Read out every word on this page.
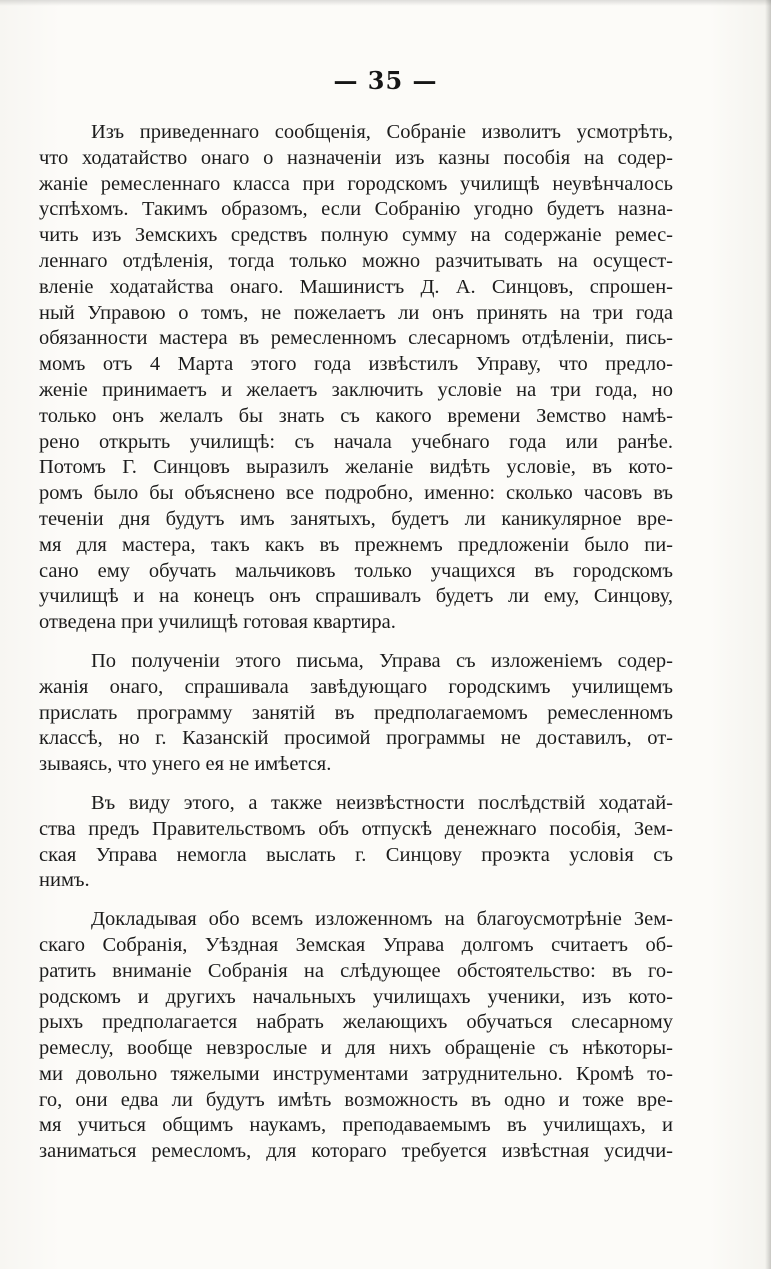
— 35 —
Изъ приведеннаго сообщенія, Собраніе изволитъ усмотрѣть,
что ходатайство онаго о назначеніи изъ казны пособія на содер-
жаніе ремесленнаго класса при городскомъ училищѣ неувѣнчалось
успѣхомъ. Такимъ образомъ, если Собранію угодно будетъ назна-
чить изъ Земскихъ средствъ полную сумму на содержаніе ремес-
леннаго отдѣленія, тогда только можно разчитывать на осущест-
вленіе ходатайства онаго. Машинистъ Д. А. Синцовъ, спрошен-
ный Управою о томъ, не пожелаетъ ли онъ принять на три года
обязанности мастера въ ремесленномъ слесарномъ отдѣленіи, пись-
момъ отъ 4 Марта этого года извѣстилъ Управу, что предло-
женіе принимаетъ и желаетъ заключить условіе на три года, но
только онъ желалъ бы знать съ какого времени Земство намѣ-
рено открыть училищѣ: съ начала учебнаго года или ранѣе.
Потомъ Г. Синцовъ выразилъ желаніе видѣть условіе, въ кото-
ромъ было бы объяснено все подробно, именно: сколько часовъ въ
теченіи дня будутъ имъ занятыхъ, будетъ ли каникулярное вре-
мя для мастера, такъ какъ въ прежнемъ предложеніи было пи-
сано ему обучать мальчиковъ только учащихся въ городскомъ
училищѣ и на конецъ онъ спрашивалъ будетъ ли ему, Синцову,
отведена при училищѣ готовая квартира.
По полученіи этого письма, Управа съ изложеніемъ содер-
жанія онаго, спрашивала завѣдующаго городскимъ училищемъ
прислать программу занятій въ предполагаемомъ ремесленномъ
классѣ, но г. Казанскій просимой программы не доставилъ, от-
зываясь, что унего ея не имѣется.
Въ виду этого, а также неизвѣстности послѣдствій ходатай-
ства предъ Правительствомъ объ отпускѣ денежнаго пособія, Зем-
ская Управа немогла выслать г. Синцову проэкта условія съ
нимъ.
Докладывая обо всемъ изложенномъ на благоусмотрѣніе Зем-
скаго Собранія, Уѣздная Земская Управа долгомъ считаетъ об-
ратить вниманіе Собранія на слѣдующее обстоятельство: въ го-
родскомъ и другихъ начальныхъ училищахъ ученики, изъ кото-
рыхъ предполагается набрать желающихъ обучаться слесарному
ремеслу, вообще невзрослые и для нихъ обращеніе съ нѣкоторы-
ми довольно тяжелыми инструментами затруднительно. Кромѣ то-
го, они едва ли будутъ имѣть возможность въ одно и тоже вре-
мя учиться общимъ наукамъ, преподаваемымъ въ училищахъ, и
заниматься ремесломъ, для котораго требуется извѣстная усидчи-
